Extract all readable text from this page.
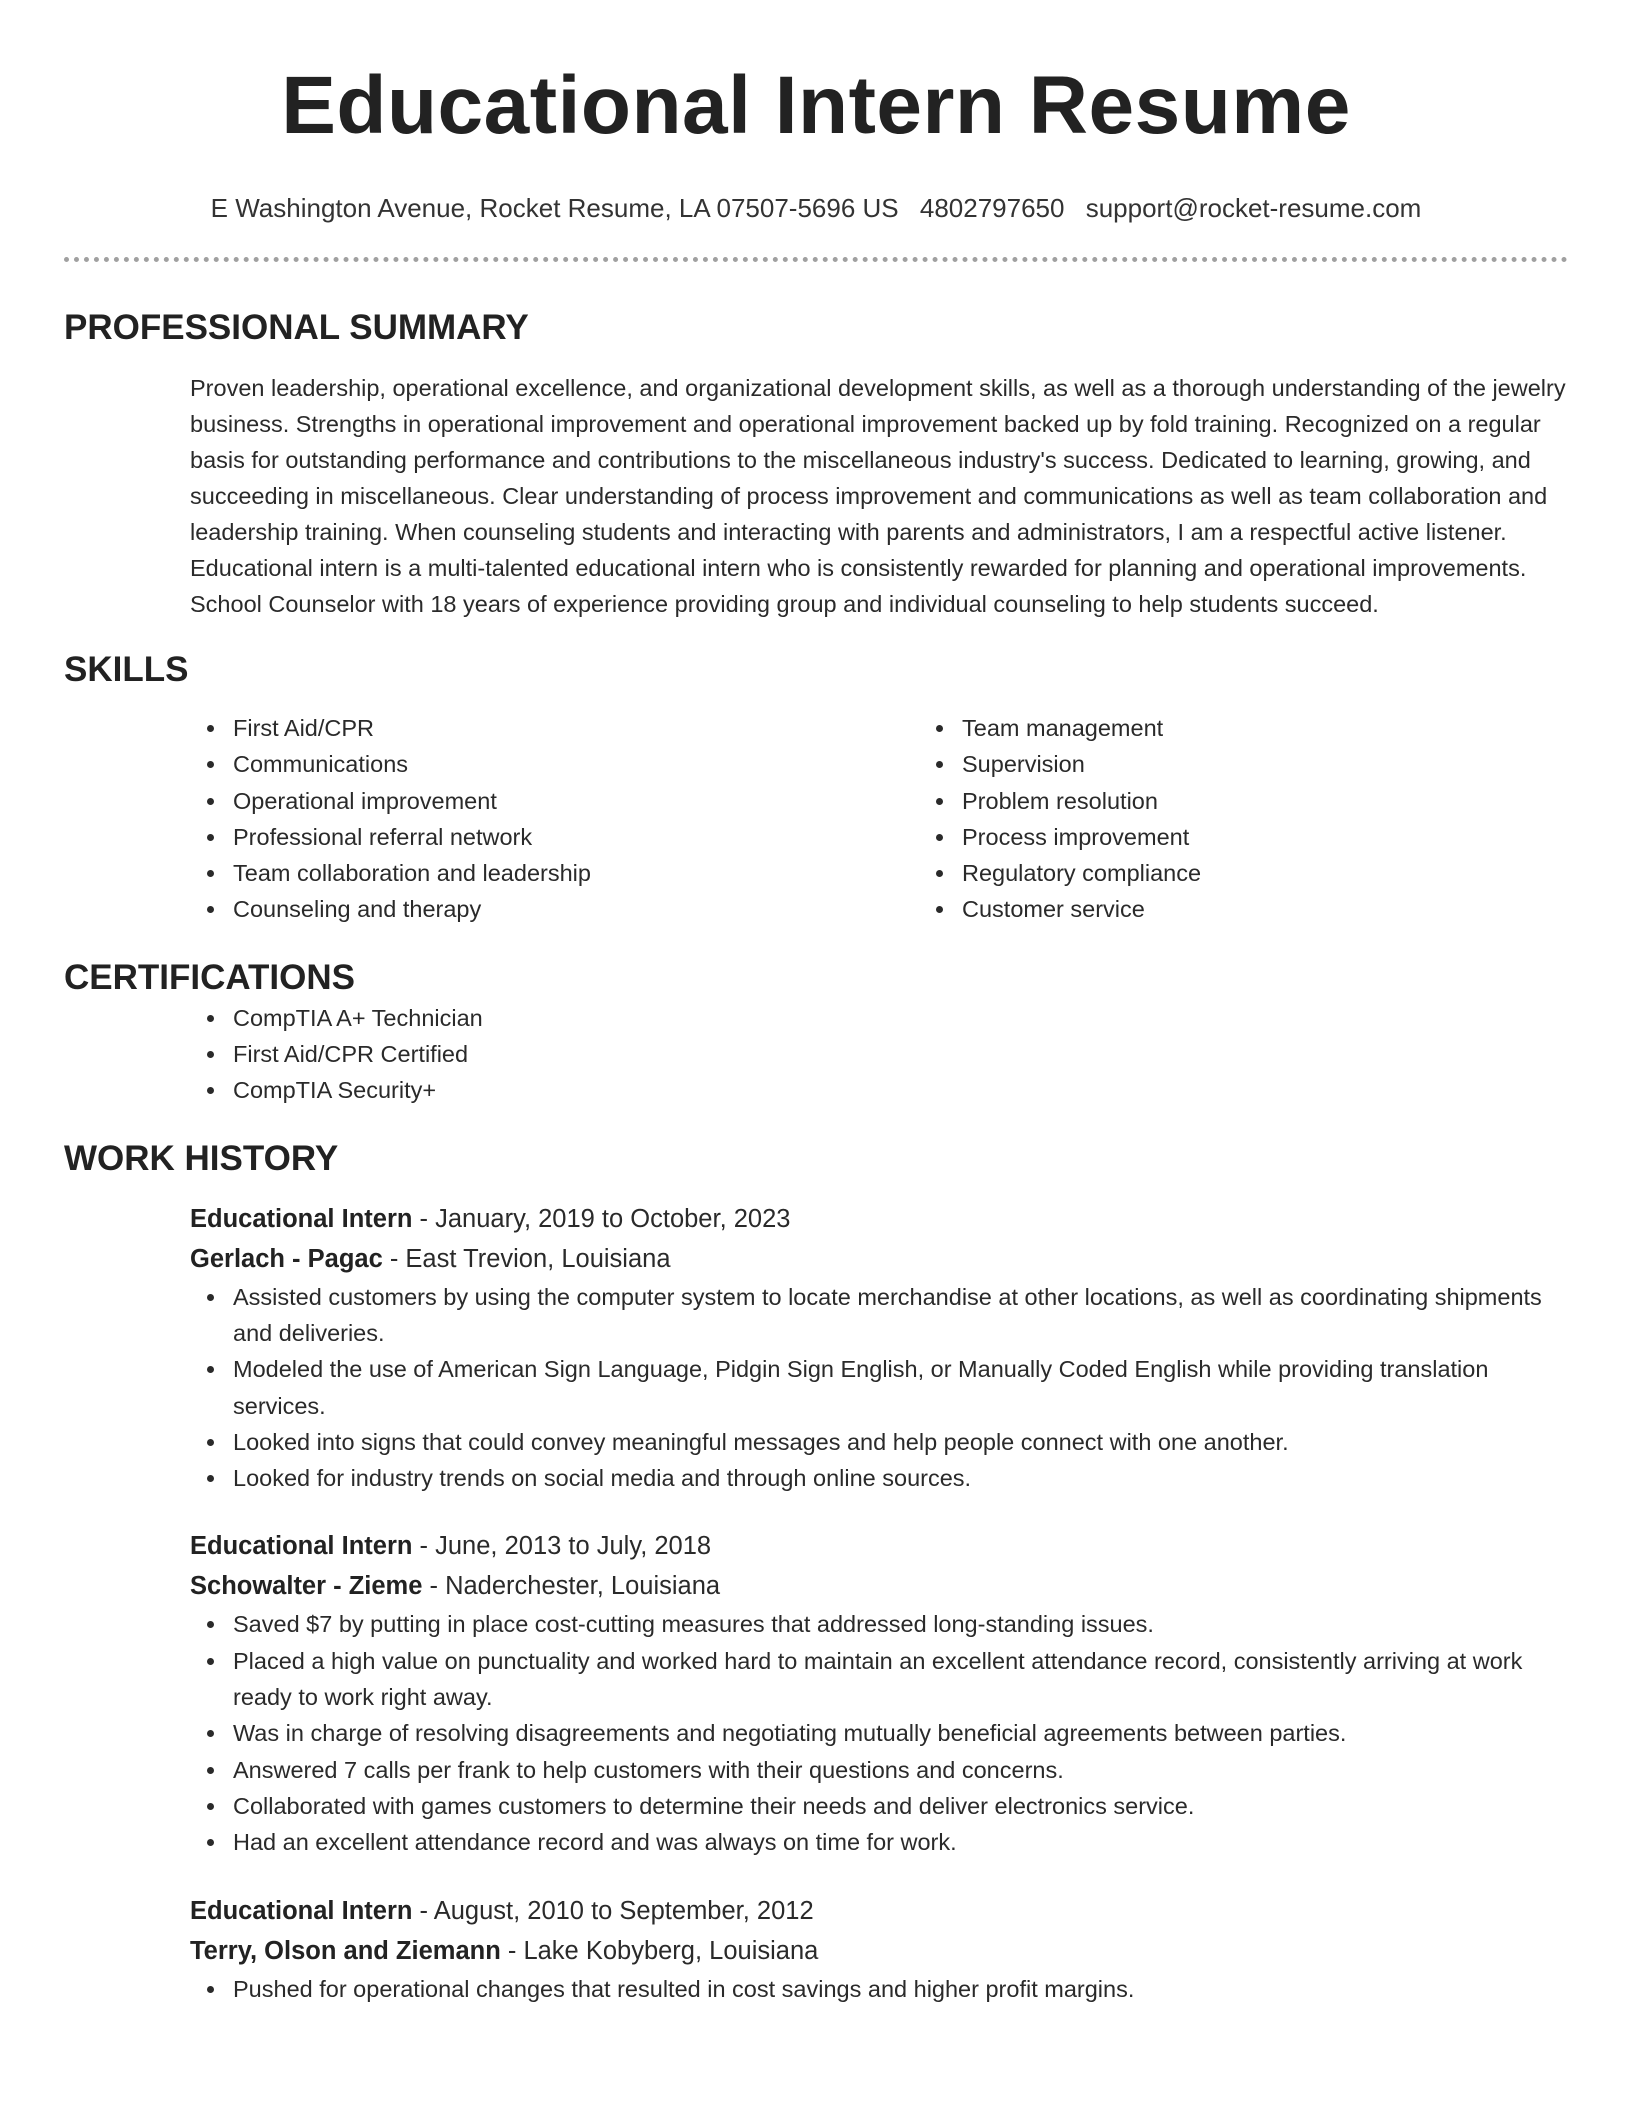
Educational Intern Resume
E Washington Avenue, Rocket Resume, LA 07507-5696 US 4802797650 support@rocket-resume.com
PROFESSIONAL SUMMARY

Proven leadership, operational excellence, and organizational development skills, as well as a thorough understanding of the jewelry business. Strengths in operational improvement and operational improvement backed up by fold training. Recognized on a regular basis for outstanding performance and contributions to the miscellaneous industry's success. Dedicated to learning, growing, and succeeding in miscellaneous. Clear understanding of process improvement and communications as well as team collaboration and leadership training. When counseling students and interacting with parents and administrators, I am a respectful active listener. Educational intern is a multi-talented educational intern who is consistently rewarded for planning and operational improvements. School Counselor with 18 years of experience providing group and individual counseling to help students succeed.

SKILLS
First Aid/CPR
Communications
Operational improvement
Professional referral network
Team collaboration and leadership
Counseling and therapy
Team management
Supervision
Problem resolution
Process improvement
Regulatory compliance
Customer service
CERTIFICATIONS
CompTIA A+ Technician
First Aid/CPR Certified
CompTIA Security+
WORK HISTORY
Educational Intern - January, 2019 to October, 2023
Gerlach - Pagac - East Trevion, Louisiana
Assisted customers by using the computer system to locate merchandise at other locations, as well as coordinating shipments and deliveries.
Modeled the use of American Sign Language, Pidgin Sign English, or Manually Coded English while providing translation services.
Looked into signs that could convey meaningful messages and help people connect with one another.
Looked for industry trends on social media and through online sources.
Educational Intern - June, 2013 to July, 2018
Schowalter - Zieme - Naderchester, Louisiana
Saved $7 by putting in place cost-cutting measures that addressed long-standing issues.
Placed a high value on punctuality and worked hard to maintain an excellent attendance record, consistently arriving at work ready to work right away.
Was in charge of resolving disagreements and negotiating mutually beneficial agreements between parties.
Answered 7 calls per frank to help customers with their questions and concerns.
Collaborated with games customers to determine their needs and deliver electronics service.
Had an excellent attendance record and was always on time for work.
Educational Intern - August, 2010 to September, 2012
Terry, Olson and Ziemann - Lake Kobyberg, Louisiana
Pushed for operational changes that resulted in cost savings and higher profit margins.
